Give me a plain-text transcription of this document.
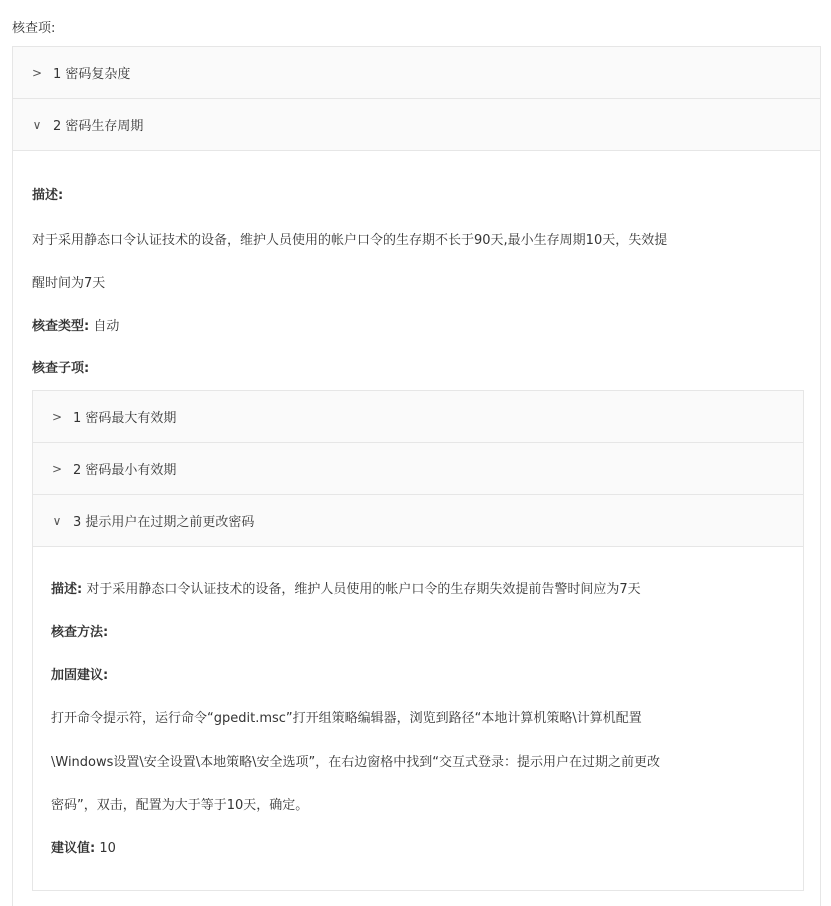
核查项:
> 1 密码复杂度
∨ 2 密码生存周期
描述:
对于采用静态口令认证技术的设备，维护人员使用的帐户口令的生存期不长于90天,最小生存周期10天，失效提
醒时间为7天
核查类型: 自动
核查子项:
> 1 密码最大有效期
> 2 密码最小有效期
∨ 3 提示用户在过期之前更改密码
描述: 对于采用静态口令认证技术的设备，维护人员使用的帐户口令的生存期失效提前告警时间应为7天
核查方法:
加固建议:
打开命令提示符，运行命令“gpedit.msc”打开组策略编辑器，浏览到路径“本地计算机策略\计算机配置
\Windows设置\安全设置\本地策略\安全选项”，在右边窗格中找到“交互式登录：提示用户在过期之前更改
密码”，双击，配置为大于等于10天，确定。
建议值: 10
